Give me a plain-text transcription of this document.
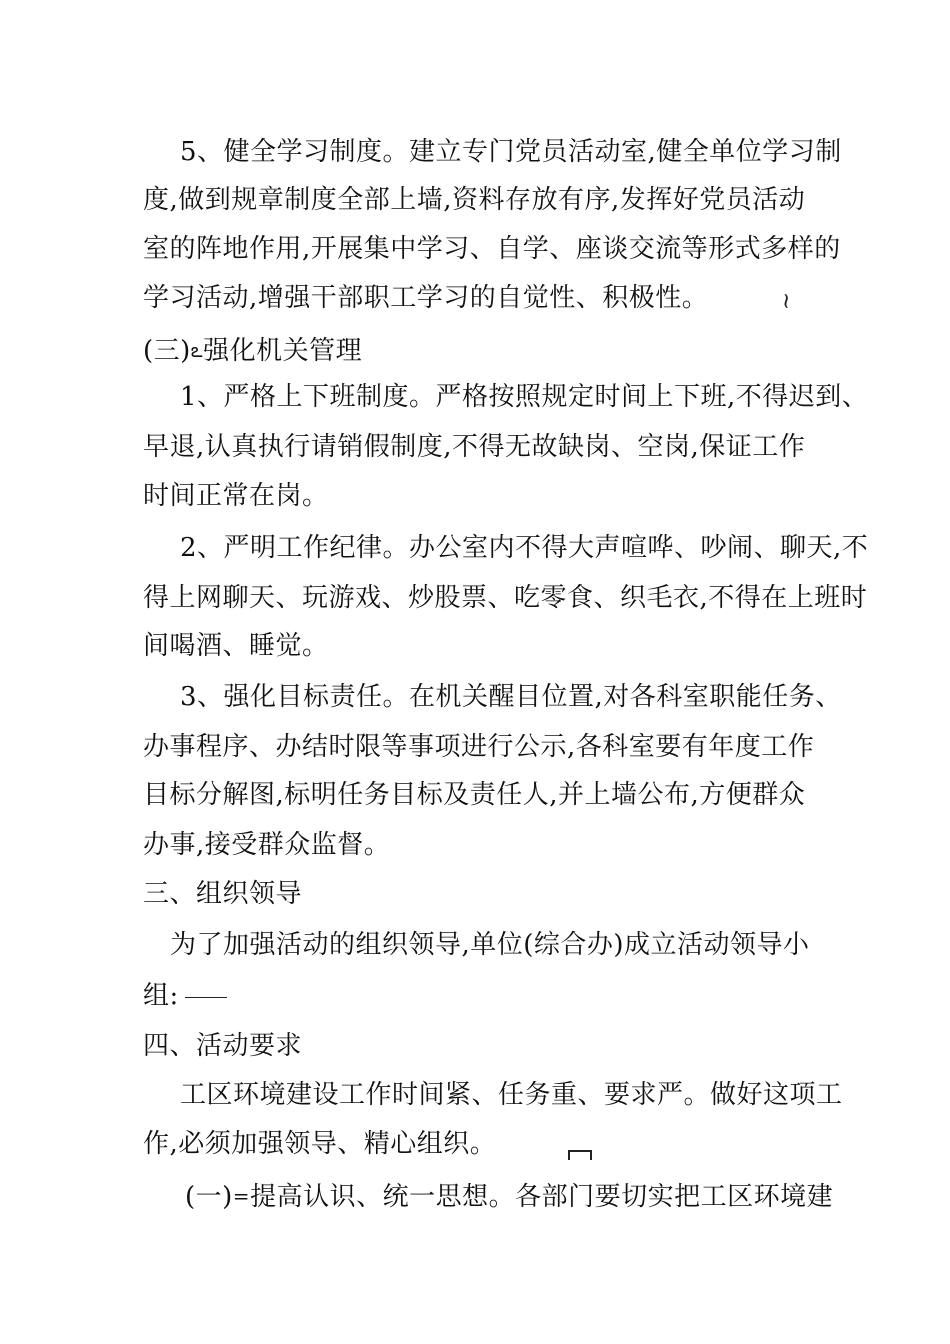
5、健全学习制度。建立专门党员活动室,健全单位学习制
度,做到规章制度全部上墙,资料存放有序,发挥好党员活动
室的阵地作用,开展集中学习、自学、座谈交流等形式多样的
学习活动,增强干部职工学习的自觉性、积极性。	~
(三)ఽ强化机关管理
1、严格上下班制度。严格按照规定时间上下班,不得迟到、
早退,认真执行请销假制度,不得无故缺岗、空岗,保证工作
时间正常在岗。
2、严明工作纪律。办公室内不得大声喧哗、吵闹、聊天,不
得上网聊天、玩游戏、炒股票、吃零食、织毛衣,不得在上班时
间喝酒、睡觉。
3、强化目标责任。在机关醒目位置,对各科室职能任务、
办事程序、办结时限等事项进行公示,各科室要有年度工作
目标分解图,标明任务目标及责任人,并上墙公布,方便群众
办事,接受群众监督。
三、组织领导
为了加强活动的组织领导,单位(综合办)成立活动领导小
组:
四、活动要求
工区环境建设工作时间紧、任务重、要求严。做好这项工
作,必须加强领导、精心组织。
(一)=提高认识、统一思想。各部门要切实把工区环境建
